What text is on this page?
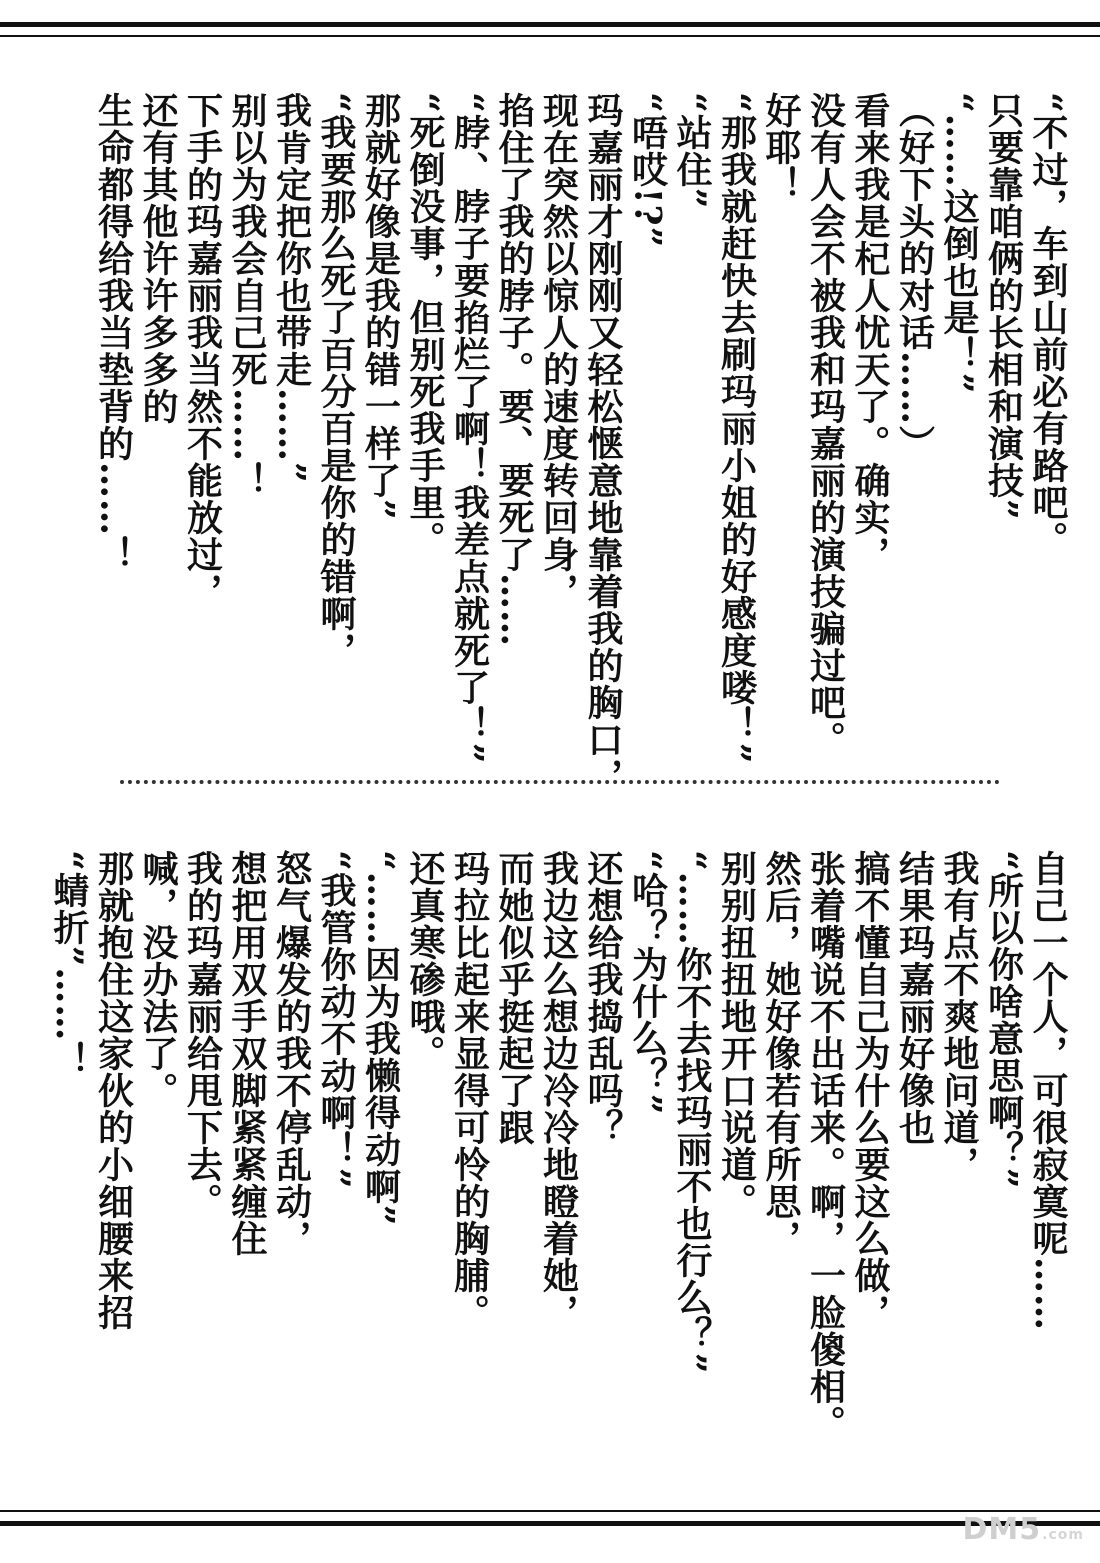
“不过，车到山前必有路吧。
只要靠咱俩的长相和演技”
“……这倒也是！”
（好下头的对话……）
看来我是杞人忧天了。确实，
没有人会不被我和玛嘉丽的演技骗过吧。
好耶！
“那我就赶快去刷玛丽小姐的好感度喽！”
“站住”
“唔哎!?”
玛嘉丽才刚刚又轻松惬意地靠着我的胸口，
现在突然以惊人的速度转回身，
掐住了我的脖子。要、要死了……
“脖、脖子要掐烂了啊！我差点就死了！”
“死倒没事，但别死我手里。
那就好像是我的错一样了”
“我要那么死了百分百是你的错啊，
我肯定把你也带走……”
别以为我会自己死……！
下手的玛嘉丽我当然不能放过，
还有其他许许多多的
生命都得给我当垫背的……！
自己一个人，可很寂寞呢……
“所以你啥意思啊？”
我有点不爽地问道，
结果玛嘉丽好像也
搞不懂自己为什么要这么做，
张着嘴说不出话来。啊，一脸傻相。
然后，她好像若有所思，
别别扭扭地开口说道。
“……你不去找玛丽不也行么？”
“哈？为什么？”
还想给我捣乱吗？
我边这么想边冷冷地瞪着她，
而她似乎挺起了跟
玛拉比起来显得可怜的胸脯。
还真寒碜哦。
“……因为我懒得动啊”
“我管你动不动啊！”
怒气爆发的我不停乱动，
想把用双手双脚紧紧缠住
我的玛嘉丽给甩下去。
喊，没办法了。
那就抱住这家伙的小细腰来招
“蜻折”……！
DM5.com
